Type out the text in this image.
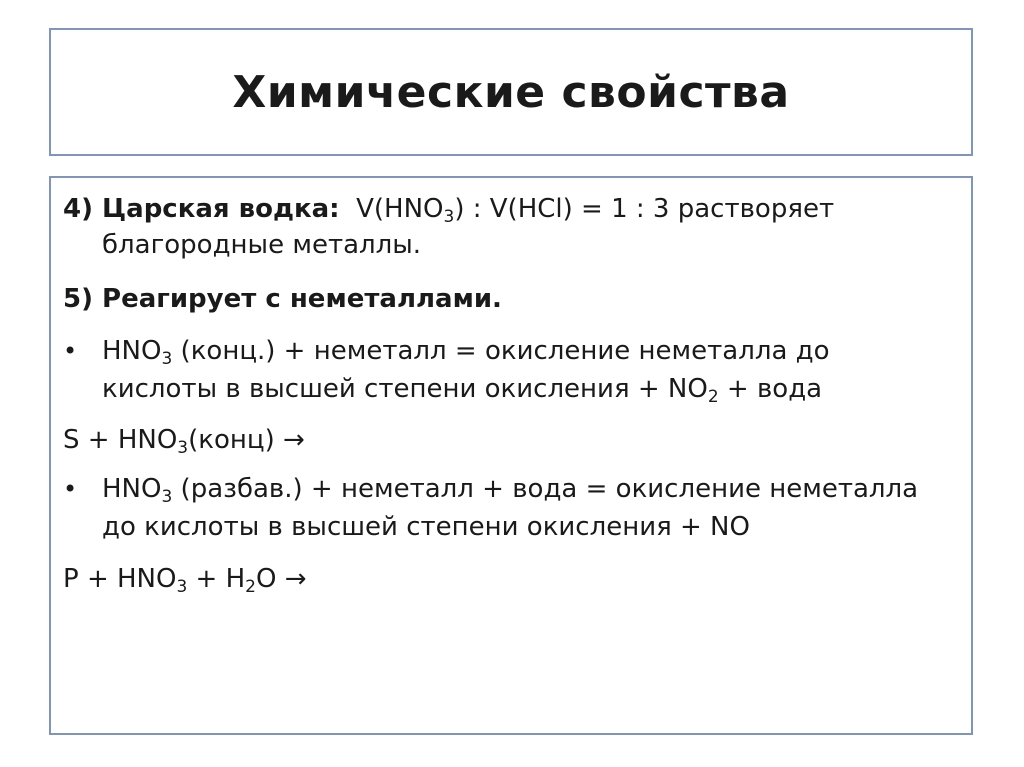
Химические свойства
4) Царская водка: $V(HNO_3)$ : V(HCl) = 1 : 3 растворяет
благородные металлы.
5) Реагирует с неметаллами.
• $HNO_3$ (конц.) + неметалл = окисление неметалла до
кислоты в высшей степени окисления + $NO_2$ + вода
$S + HNO_3(конц)$ →
• $HNO_3$ (разбав.) + неметалл + вода = окисление неметалла
до кислоты в высшей степени окисления + NO
$P + HNO_3 + H_2O$ →
